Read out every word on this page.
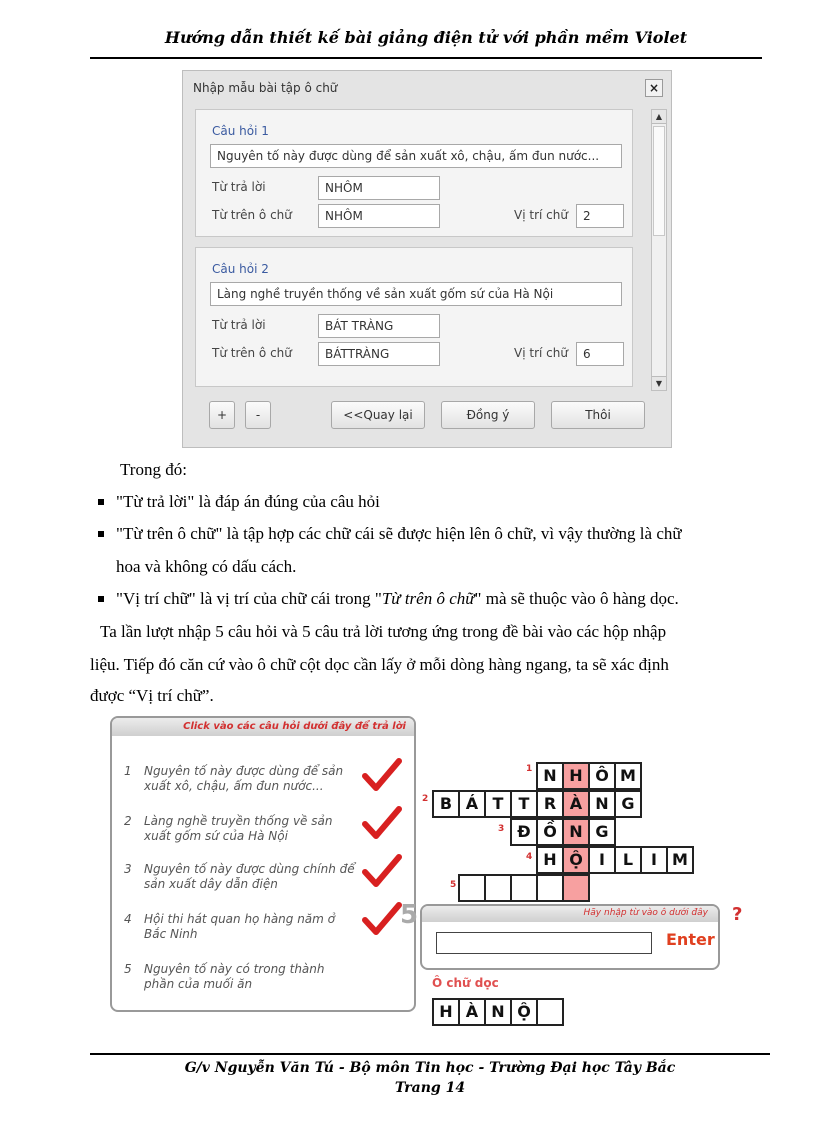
Hướng dẫn thiết kế bài giảng điện tử với phần mềm Violet
Nhập mẫu bài tập ô chữ	×
Câu hỏi 1
Nguyên tố này được dùng để sản xuất xô, chậu, ấm đun nước...
Từ trả lời	NHÔM
Từ trên ô chữ	NHÔM	Vị trí chữ	2
Câu hỏi 2
Làng nghề truyền thống về sản xuất gốm sứ của Hà Nội
Từ trả lời	BÁT TRÀNG
Từ trên ô chữ	BÁTTRÀNG	Vị trí chữ	6
▲
▼
+	-	<<Quay lại	Đồng ý	Thôi
Trong đó:
"Từ trả lời" là đáp án đúng của câu hỏi
"Từ trên ô chữ" là tập hợp các chữ cái sẽ được hiện lên ô chữ, vì vậy thường là chữ
hoa và không có dấu cách.
"Vị trí chữ" là vị trí của chữ cái trong "Từ trên ô chữ" mà sẽ thuộc vào ô hàng dọc.
Ta lần lượt nhập 5 câu hỏi và 5 câu trả lời tương ứng trong đề bài vào các hộp nhập
liệu. Tiếp đó căn cứ vào ô chữ cột dọc cần lấy ở mỗi dòng hàng ngang, ta sẽ xác định
được “Vị trí chữ”.
Click vào các câu hỏi dưới đây để trả lời
1 Nguyên tố này được dùng để sản xuất xô, chậu, ấm đun nước...
2 Làng nghề truyền thống về sản xuất gốm sứ của Hà Nội
3 Nguyên tố này được dùng chính để sản xuất dây dẫn điện
4 Hội thi hát quan họ hàng năm ở Bắc Ninh
5 Nguyên tố này có trong thành phần của muối ăn
5
1
2
3
4
5
N H Ô M
B Á T T R À N G
Đ Ồ N G
H Ộ	I	L	I M
Hãy nhập từ vào ô dưới đây
Enter
?
Ô chữ dọc
H À N Ộ
G/v Nguyễn Văn Tú - Bộ môn Tin học - Trường Đại học Tây Bắc
Trang 14
